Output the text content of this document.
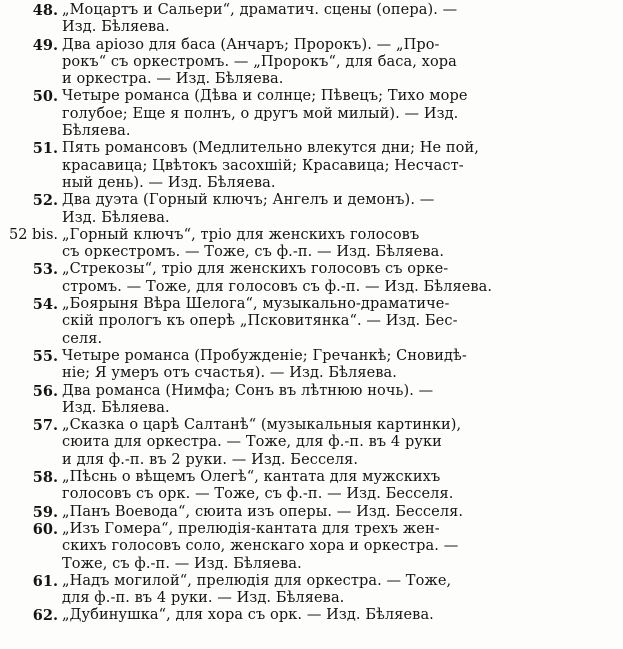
48. „Моцартъ и Сальери“, драматич. сцены (опера). —
Изд. Бѣляева.
49. Два аріозо для баса (Анчаръ; Пророкъ). — „Про-
рокъ“ съ оркестромъ. — „Пророкъ“, для баса, хора
и оркестра. — Изд. Бѣляева.
50. Четыре романса (Дѣва и солнце; Пѣвецъ; Тихо море
голубое; Еще я полнъ, о другъ мой милый). — Изд.
Бѣляева.
51. Пять романсовъ (Медлительно влекутся дни; Не пой,
красавица; Цвѣтокъ засохшій; Красавица; Несчаст-
ный день). — Изд. Бѣляева.
52. Два дуэта (Горный ключъ; Ангелъ и демонъ). —
Изд. Бѣляева.
52 bis. „Горный ключъ“, тріо для женскихъ голосовъ
съ оркестромъ. — Тоже, съ ф.-п. — Изд. Бѣляева.
53. „Стрекозы“, тріо для женскихъ голосовъ съ орке-
стромъ. — Тоже, для голосовъ съ ф.-п. — Изд. Бѣляева.
54. „Боярыня Вѣра Шелога“, музыкально-драматиче-
скій прологъ къ оперѣ „Псковитянка“. — Изд. Бес-
селя.
55. Четыре романса (Пробужденіе; Гречанкѣ; Сновидѣ-
ніе; Я умеръ отъ счастья). — Изд. Бѣляева.
56. Два романса (Нимфа; Сонъ въ лѣтнюю ночь). —
Изд. Бѣляева.
57. „Сказка о царѣ Салтанѣ“ (музыкальныя картинки),
сюита для оркестра. — Тоже, для ф.-п. въ 4 руки
и для ф.-п. въ 2 руки. — Изд. Бесселя.
58. „Пѣснь о вѣщемъ Олегѣ“, кантата для мужскихъ
голосовъ съ орк. — Тоже, съ ф.-п. — Изд. Бесселя.
59. „Панъ Воевода“, сюита изъ оперы. — Изд. Бесселя.
60. „Изъ Гомера“, прелюдія-кантата для трехъ жен-
скихъ голосовъ соло, женскаго хора и оркестра. —
Тоже, съ ф.-п. — Изд. Бѣляева.
61. „Надъ могилой“, прелюдія для оркестра. — Тоже,
для ф.-п. въ 4 руки. — Изд. Бѣляева.
62. „Дубинушка“, для хора съ орк. — Изд. Бѣляева.
